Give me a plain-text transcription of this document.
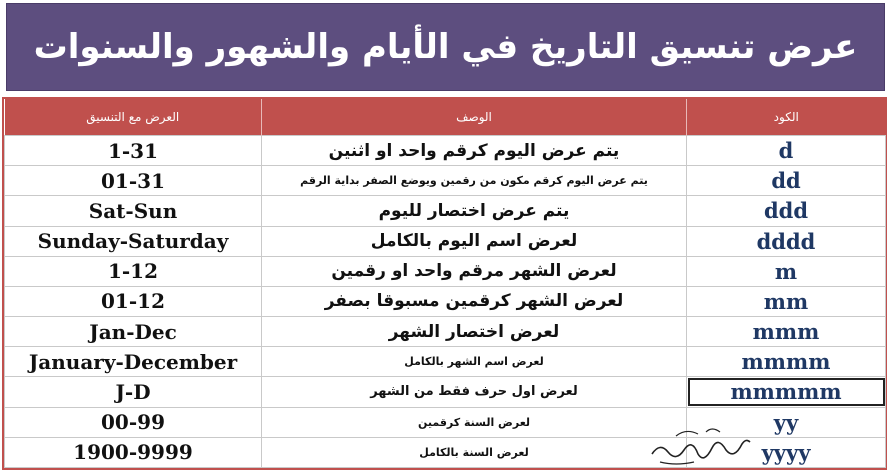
عرض تنسيق التاريخ في الأيام والشهور والسنوات
العرض مع التنسيق	الوصف	الكود
1-31	يتم عرض اليوم كرقم واحد او اثنين	d
01-31	يتم عرض اليوم كرقم مكون من رقمين ويوضع الصفر بداية الرقم	dd
Sat-Sun	يتم عرض اختصار لليوم	ddd
Sunday-Saturday	لعرض اسم اليوم بالكامل	dddd
1-12	لعرض الشهر مرقم واحد او رقمين	m
01-12	لعرض الشهر كرقمين مسبوقا بصفر	mm
Jan-Dec	لعرض اختصار الشهر	mmm
January-December	لعرض اسم الشهر بالكامل	mmmm
J-D	لعرض اول حرف فقط من الشهر	mmmmm
00-99	لعرض السنة كرقمين	yy
1900-9999	لعرض السنة بالكامل	yyyy
